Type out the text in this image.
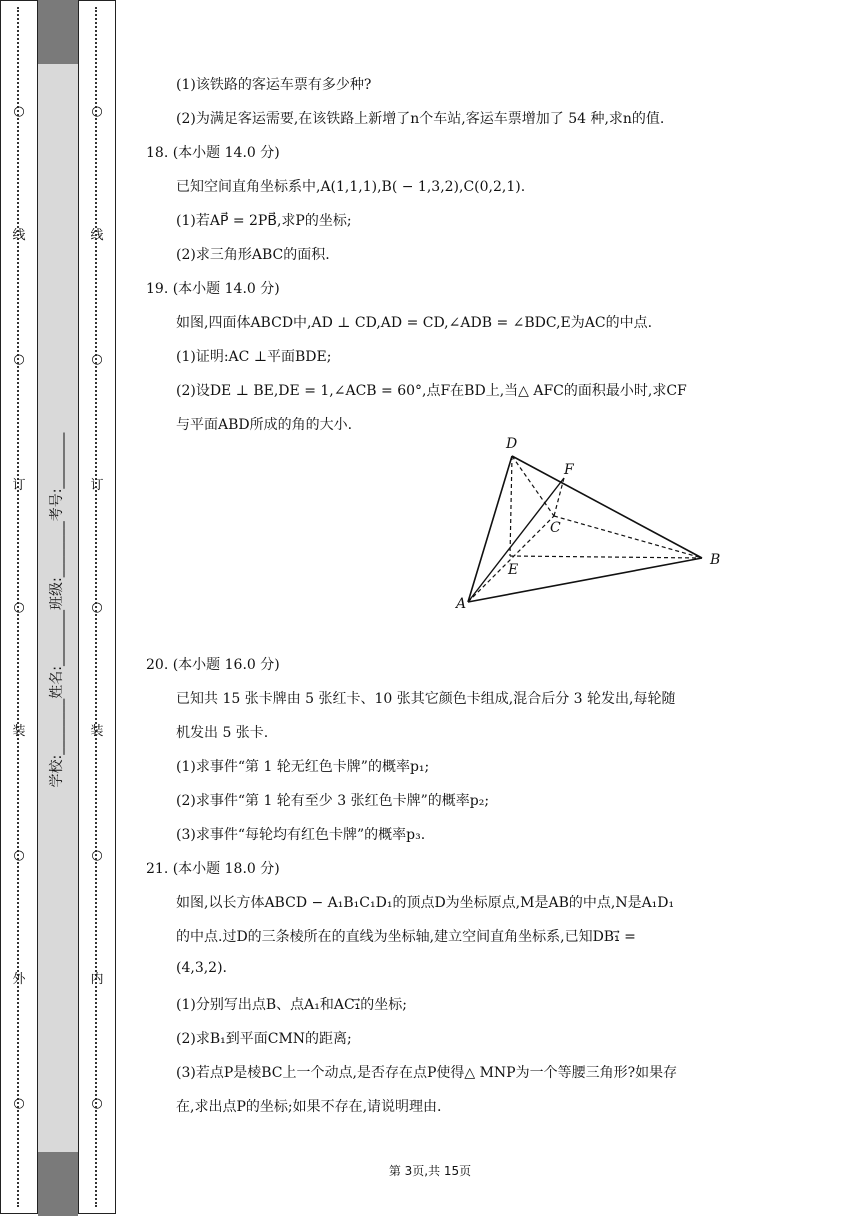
○
线
○
订
○
装
○
外
○
学校:________姓名:________班级:________考号:________
○
线
○
订
○
装
○
内
○
(1)该铁路的客运车票有多少种?
(2)为满足客运需要,在该铁路上新增了n个车站,客运车票增加了 54 种,求n的值.
18. (本小题 14.0 分)
已知空间直角坐标系中,A(1,1,1),B( − 1,3,2),C(0,2,1).
(1)若AP⃗ = 2PB⃗,求P的坐标;
(2)求三角形ABC的面积.
19. (本小题 14.0 分)
如图,四面体ABCD中,AD ⊥ CD,AD = CD,∠ADB = ∠BDC,E为AC的中点.
(1)证明:AC ⊥平面BDE;
(2)设DE ⊥ BE,DE = 1,∠ACB = 60°,点F在BD上,当△ AFC的面积最小时,求CF
与平面ABD所成的角的大小.
20. (本小题 16.0 分)
已知共 15 张卡牌由 5 张红卡、10 张其它颜色卡组成,混合后分 3 轮发出,每轮随
机发出 5 张卡.
(1)求事件“第 1 轮无红色卡牌”的概率p₁;
(2)求事件“第 1 轮有至少 3 张红色卡牌”的概率p₂;
(3)求事件“每轮均有红色卡牌”的概率p₃.
21. (本小题 18.0 分)
如图,以长方体ABCD − A₁B₁C₁D₁的顶点D为坐标原点,M是AB的中点,N是A₁D₁
的中点.过D的三条棱所在的直线为坐标轴,建立空间直角坐标系,已知DB₁⃗ =
(4,3,2).
(1)分别写出点B、点A₁和AC₁⃗的坐标;
(2)求B₁到平面CMN的距离;
(3)若点P是棱BC上一个动点,是否存在点P使得△ MNP为一个等腰三角形?如果存
在,求出点P的坐标;如果不存在,请说明理由.
D
F
C
E
A
B
第 3页,共 15页
